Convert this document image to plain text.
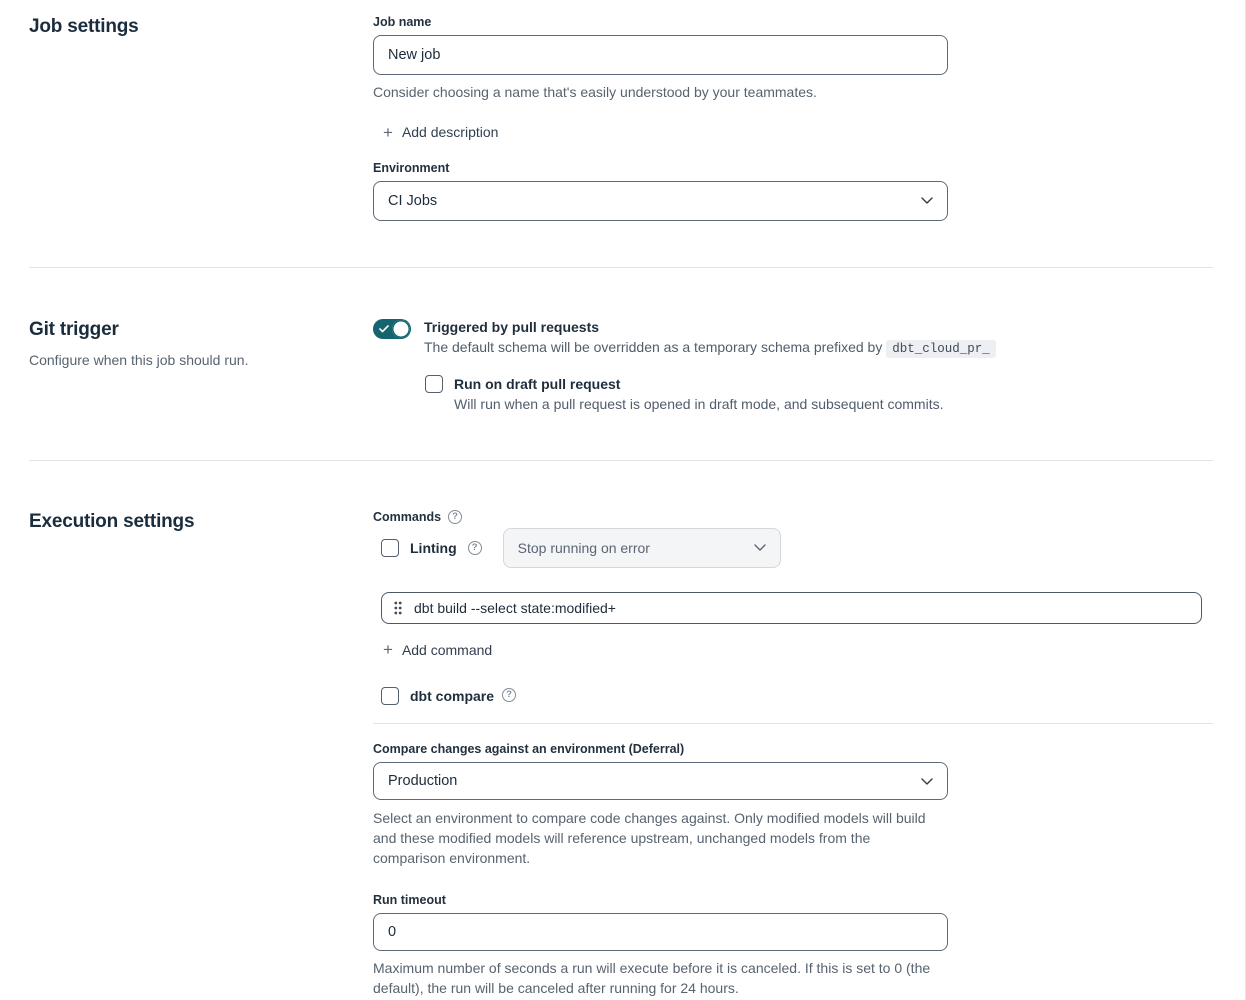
Job settings	Job name
New job

Consider choosing a name that's easily understood by your teammates.

+ Add description
Environment
CI Jobs
Git trigger

Configure when this job should run.

Triggered by pull requests
The default schema will be overridden as a temporary schema prefixed by dbt_cloud_pr_
Run on draft pull request
Will run when a pull request is opened in draft mode, and subsequent commits.
Execution settings	Commands	?
Linting	?	Stop running on error
dbt build --select state:modified+
+ Add command
dbt compare	?
Compare changes against an environment (Deferral)
Production

Select an environment to compare code changes against. Only modified models will build and these modified models will reference upstream, unchanged models from the comparison environment.

Run timeout
0

Maximum number of seconds a run will execute before it is canceled. If this is set to 0 (the default), the run will be canceled after running for 24 hours.
